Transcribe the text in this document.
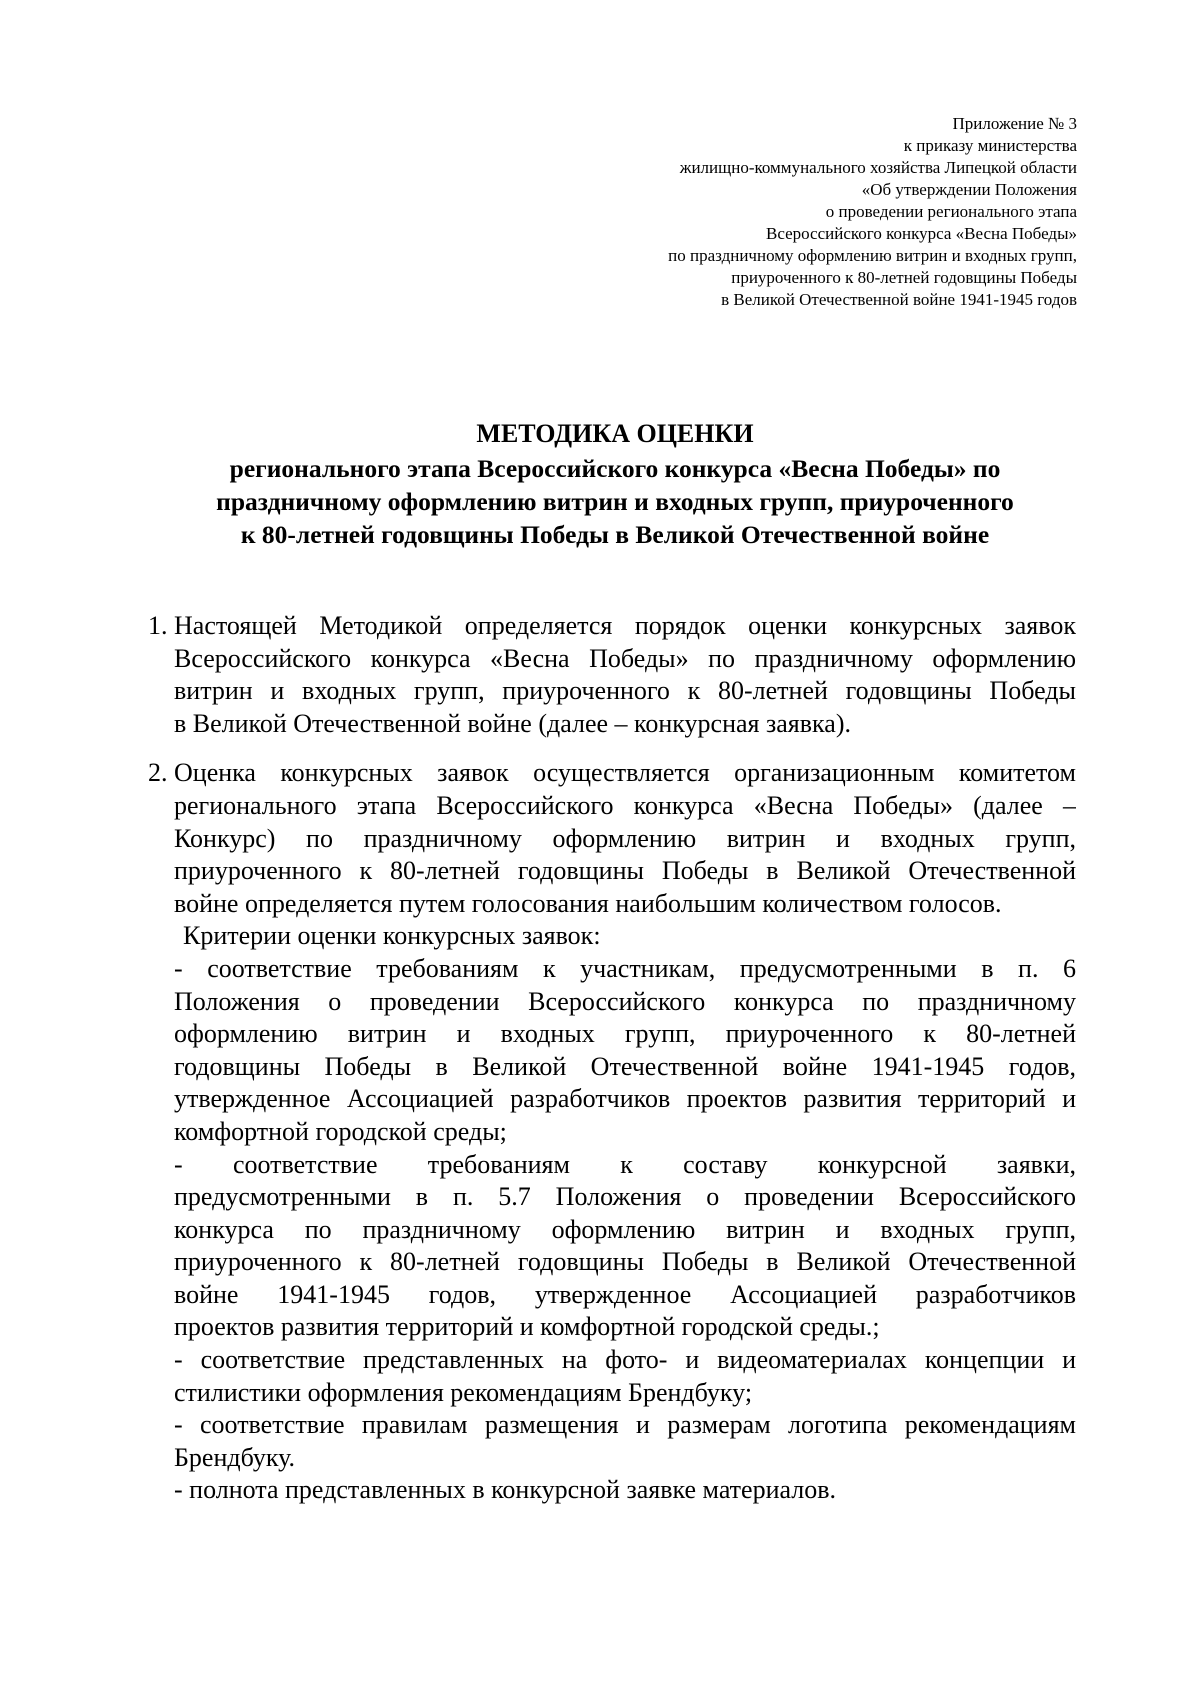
Приложение № 3
к приказу министерства
жилищно-коммунального хозяйства Липецкой области
«Об утверждении Положения
о проведении регионального этапа
Всероссийского конкурса «Весна Победы»
по праздничному оформлению витрин и входных групп,
приуроченного к 80-летней годовщины Победы
в Великой Отечественной войне 1941-1945 годов
МЕТОДИКА ОЦЕНКИ
регионального этапа Всероссийского конкурса «Весна Победы» по
праздничному оформлению витрин и входных групп, приуроченного
к 80-летней годовщины Победы в Великой Отечественной войне
1. Настоящей Методикой определяется порядок оценки конкурсных заявок
Всероссийского конкурса «Весна Победы» по праздничному оформлению
витрин и входных групп, приуроченного к 80-летней годовщины Победы
в Великой Отечественной войне (далее – конкурсная заявка).
2. Оценка конкурсных заявок осуществляется организационным комитетом
регионального этапа Всероссийского конкурса «Весна Победы» (далее –
Конкурс) по праздничному оформлению витрин и входных групп,
приуроченного к 80-летней годовщины Победы в Великой Отечественной
войне определяется путем голосования наибольшим количеством голосов.
Критерии оценки конкурсных заявок:
- соответствие требованиям к участникам, предусмотренными в п. 6
Положения о проведении Всероссийского конкурса по праздничному
оформлению витрин и входных групп, приуроченного к 80-летней
годовщины Победы в Великой Отечественной войне 1941-1945 годов,
утвержденное Ассоциацией разработчиков проектов развития территорий и
комфортной городской среды;
- соответствие требованиям к составу конкурсной заявки,
предусмотренными в п. 5.7 Положения о проведении Всероссийского
конкурса по праздничному оформлению витрин и входных групп,
приуроченного к 80-летней годовщины Победы в Великой Отечественной
войне 1941-1945 годов, утвержденное Ассоциацией разработчиков
проектов развития территорий и комфортной городской среды.;
- соответствие представленных на фото- и видеоматериалах концепции и
стилистики оформления рекомендациям Брендбуку;
- соответствие правилам размещения и размерам логотипа рекомендациям
Брендбуку.
- полнота представленных в конкурсной заявке материалов.
